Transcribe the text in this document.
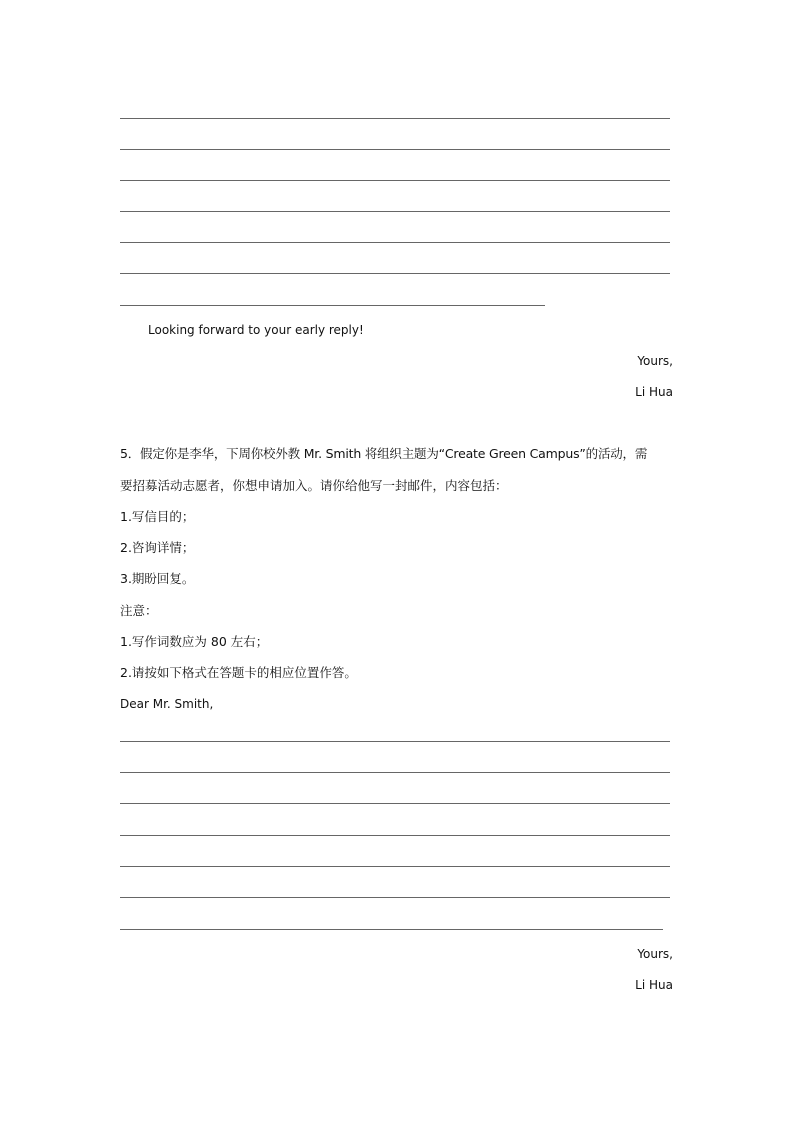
Looking forward to your early reply!
Yours,
Li Hua
5．假定你是李华，下周你校外教 Mr. Smith 将组织主题为“Create Green Campus”的活动，需
要招募活动志愿者，你想申请加入。请你给他写一封邮件，内容包括：
1.写信目的；
2.咨询详情；
3.期盼回复。
注意：
1.写作词数应为 80 左右；
2.请按如下格式在答题卡的相应位置作答。
Dear Mr. Smith,
Yours,
Li Hua
